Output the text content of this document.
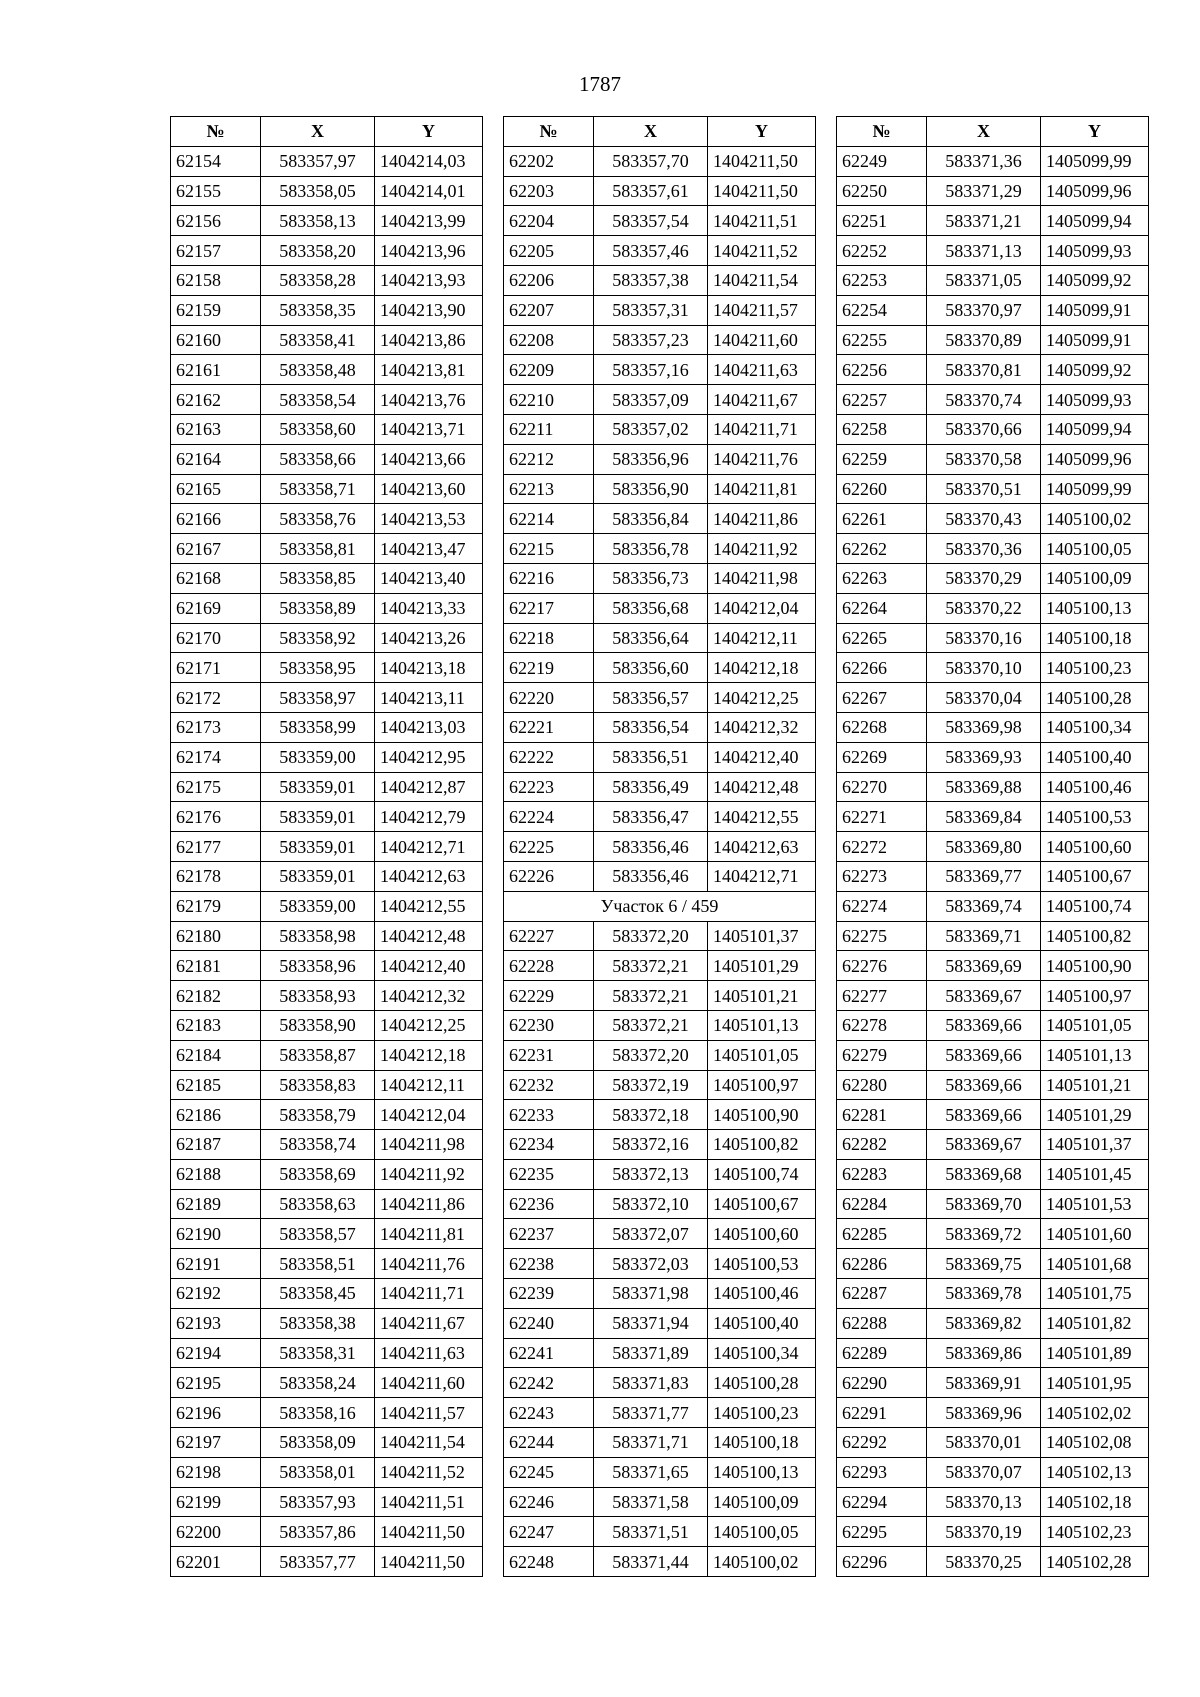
1787
№	X	Y
62154	583357,97	1404214,03
62155	583358,05	1404214,01
62156	583358,13	1404213,99
62157	583358,20	1404213,96
62158	583358,28	1404213,93
62159	583358,35	1404213,90
62160	583358,41	1404213,86
62161	583358,48	1404213,81
62162	583358,54	1404213,76
62163	583358,60	1404213,71
62164	583358,66	1404213,66
62165	583358,71	1404213,60
62166	583358,76	1404213,53
62167	583358,81	1404213,47
62168	583358,85	1404213,40
62169	583358,89	1404213,33
62170	583358,92	1404213,26
62171	583358,95	1404213,18
62172	583358,97	1404213,11
62173	583358,99	1404213,03
62174	583359,00	1404212,95
62175	583359,01	1404212,87
62176	583359,01	1404212,79
62177	583359,01	1404212,71
62178	583359,01	1404212,63
62179	583359,00	1404212,55
62180	583358,98	1404212,48
62181	583358,96	1404212,40
62182	583358,93	1404212,32
62183	583358,90	1404212,25
62184	583358,87	1404212,18
62185	583358,83	1404212,11
62186	583358,79	1404212,04
62187	583358,74	1404211,98
62188	583358,69	1404211,92
62189	583358,63	1404211,86
62190	583358,57	1404211,81
62191	583358,51	1404211,76
62192	583358,45	1404211,71
62193	583358,38	1404211,67
62194	583358,31	1404211,63
62195	583358,24	1404211,60
62196	583358,16	1404211,57
62197	583358,09	1404211,54
62198	583358,01	1404211,52
62199	583357,93	1404211,51
62200	583357,86	1404211,50
62201	583357,77	1404211,50
№	X	Y
62202	583357,70	1404211,50
62203	583357,61	1404211,50
62204	583357,54	1404211,51
62205	583357,46	1404211,52
62206	583357,38	1404211,54
62207	583357,31	1404211,57
62208	583357,23	1404211,60
62209	583357,16	1404211,63
62210	583357,09	1404211,67
62211	583357,02	1404211,71
62212	583356,96	1404211,76
62213	583356,90	1404211,81
62214	583356,84	1404211,86
62215	583356,78	1404211,92
62216	583356,73	1404211,98
62217	583356,68	1404212,04
62218	583356,64	1404212,11
62219	583356,60	1404212,18
62220	583356,57	1404212,25
62221	583356,54	1404212,32
62222	583356,51	1404212,40
62223	583356,49	1404212,48
62224	583356,47	1404212,55
62225	583356,46	1404212,63
62226	583356,46	1404212,71
Участок 6 / 459		
62227	583372,20	1405101,37
62228	583372,21	1405101,29
62229	583372,21	1405101,21
62230	583372,21	1405101,13
62231	583372,20	1405101,05
62232	583372,19	1405100,97
62233	583372,18	1405100,90
62234	583372,16	1405100,82
62235	583372,13	1405100,74
62236	583372,10	1405100,67
62237	583372,07	1405100,60
62238	583372,03	1405100,53
62239	583371,98	1405100,46
62240	583371,94	1405100,40
62241	583371,89	1405100,34
62242	583371,83	1405100,28
62243	583371,77	1405100,23
62244	583371,71	1405100,18
62245	583371,65	1405100,13
62246	583371,58	1405100,09
62247	583371,51	1405100,05
62248	583371,44	1405100,02
№	X	Y
62249	583371,36	1405099,99
62250	583371,29	1405099,96
62251	583371,21	1405099,94
62252	583371,13	1405099,93
62253	583371,05	1405099,92
62254	583370,97	1405099,91
62255	583370,89	1405099,91
62256	583370,81	1405099,92
62257	583370,74	1405099,93
62258	583370,66	1405099,94
62259	583370,58	1405099,96
62260	583370,51	1405099,99
62261	583370,43	1405100,02
62262	583370,36	1405100,05
62263	583370,29	1405100,09
62264	583370,22	1405100,13
62265	583370,16	1405100,18
62266	583370,10	1405100,23
62267	583370,04	1405100,28
62268	583369,98	1405100,34
62269	583369,93	1405100,40
62270	583369,88	1405100,46
62271	583369,84	1405100,53
62272	583369,80	1405100,60
62273	583369,77	1405100,67
62274	583369,74	1405100,74
62275	583369,71	1405100,82
62276	583369,69	1405100,90
62277	583369,67	1405100,97
62278	583369,66	1405101,05
62279	583369,66	1405101,13
62280	583369,66	1405101,21
62281	583369,66	1405101,29
62282	583369,67	1405101,37
62283	583369,68	1405101,45
62284	583369,70	1405101,53
62285	583369,72	1405101,60
62286	583369,75	1405101,68
62287	583369,78	1405101,75
62288	583369,82	1405101,82
62289	583369,86	1405101,89
62290	583369,91	1405101,95
62291	583369,96	1405102,02
62292	583370,01	1405102,08
62293	583370,07	1405102,13
62294	583370,13	1405102,18
62295	583370,19	1405102,23
62296	583370,25	1405102,28
